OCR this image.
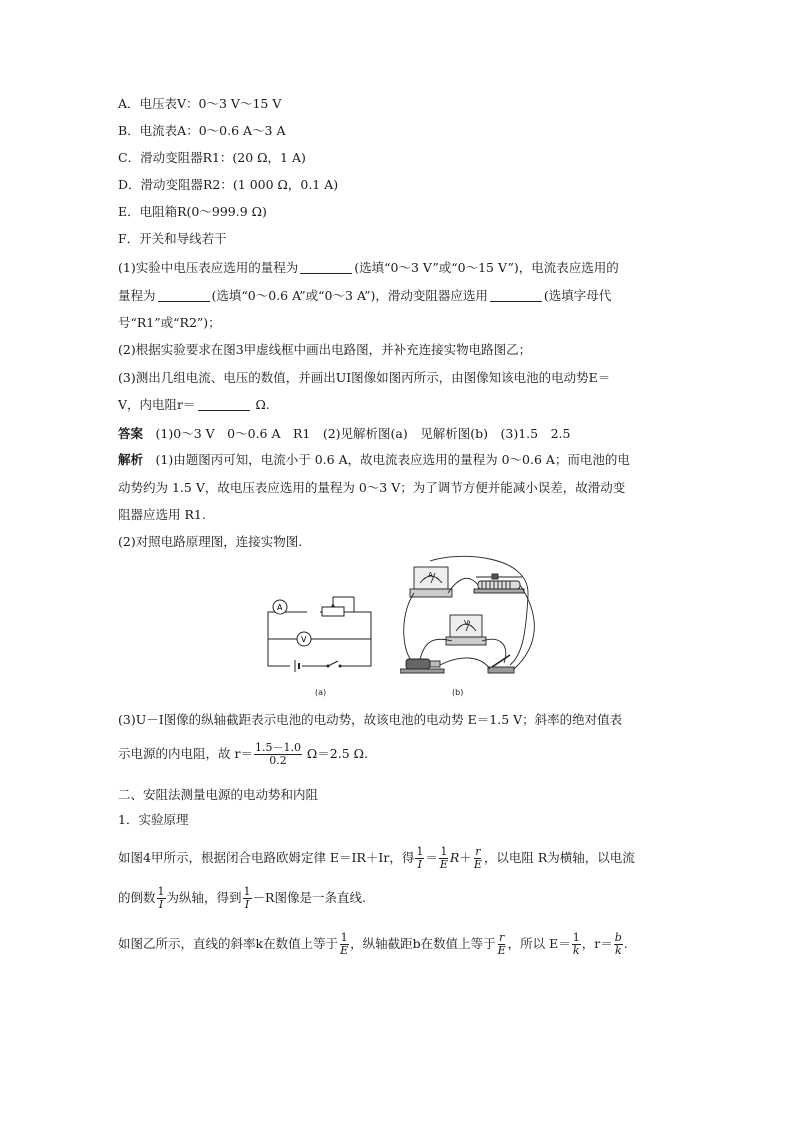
A．电压表V：0～3 V～15 V
B．电流表A：0～0.6 A～3 A
C．滑动变阻器R1：(20 Ω，1 A)
D．滑动变阻器R2：(1 000 Ω，0.1 A)
E．电阻箱R(0～999.9 Ω)
F．开关和导线若干
(1)实验中电压表应选用的量程为	(选填“0～3 V”或“0～15 V”)，电流表应选用的
量程为	(选填“0～0.6 A”或“0～3 A”)，滑动变阻器应选用	(选填字母代
号“R1”或“R2”)；
(2)根据实验要求在图3甲虚线框中画出电路图，并补充连接实物电路图乙；
(3)测出几组电流、电压的数值，并画出UI图像如图丙所示，由图像知该电池的电动势E＝
V，内电阻r＝	Ω.
答案　 (1)0～3 V　0～0.6 A　R1　(2)见解析图(a)　见解析图(b)　(3)1.5　2.5
解析　 (1)由题图丙可知，电流小于 0.6 A，故电流表应选用的量程为 0～0.6 A；而电池的电
动势约为 1.5 V，故电压表应选用的量程为 0～3 V；为了调节方便并能减小误差，故滑动变
阻器应选用 R1.
(2)对照电路原理图，连接实物图.
A
V
(a)
A
V
(b)
(3)U－I图像的纵轴截距表示电池的电动势，故该电池的电动势 E＝1.5 V；斜率的绝对值表
示电源的内电阻，故 $r= \frac{1.5-1.0}{0.2} \Omega=2.5$ Ω.
二、安阻法测量电源的电动势和内阻
1．实验原理
如图4甲所示，根据闭合电路欧姆定律 E＝IR＋Ir，得 $\frac{1}{I} = \frac{1}{E} R+ \frac{r}{E}$ ，以电阻 R为横轴，以电流
的倒数 $\frac{1}{I}$ 为纵轴，得到 $\frac{1}{I} -R$图像是一条直线.
如图乙所示，直线的斜率k在数值上等于 $\frac{1}{E}$ ，纵轴截距b在数值上等于 $\frac{r}{E}$ ，所以 $E= \frac{1}{k}$ ，$r= \frac{b}{k}$ .
